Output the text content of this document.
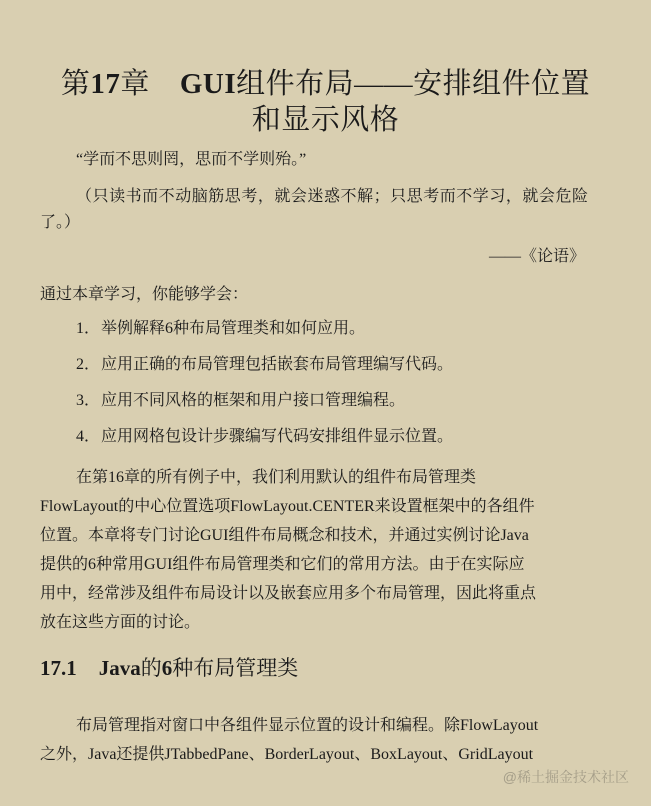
第17章 GUI组件布局——安排组件位置
和显示风格

“学而不思则罔，思而不学则殆。”

（只读书而不动脑筋思考，就会迷惑不解；只思考而不学习，就会危险了。）

——《论语》

通过本章学习，你能够学会：

1．举例解释6种布局管理类和如何应用。
2．应用正确的布局管理包括嵌套布局管理编写代码。
3．应用不同风格的框架和用户接口管理编程。
4．应用网格包设计步骤编写代码安排组件显示位置。
在第16章的所有例子中，我们利用默认的组件布局管理类
FlowLayout的中心位置选项FlowLayout.CENTER来设置框架中的各组件
位置。本章将专门讨论GUI组件布局概念和技术，并通过实例讨论Java
提供的6种常用GUI组件布局管理类和它们的常用方法。由于在实际应
用中，经常涉及组件布局设计以及嵌套应用多个布局管理，因此将重点
放在这些方面的讨论。
17.1 Java的6种布局管理类
布局管理指对窗口中各组件显示位置的设计和编程。除FlowLayout
之外，Java还提供JTabbedPane、BorderLayout、BoxLayout、GridLayout
@稀土掘金技术社区
